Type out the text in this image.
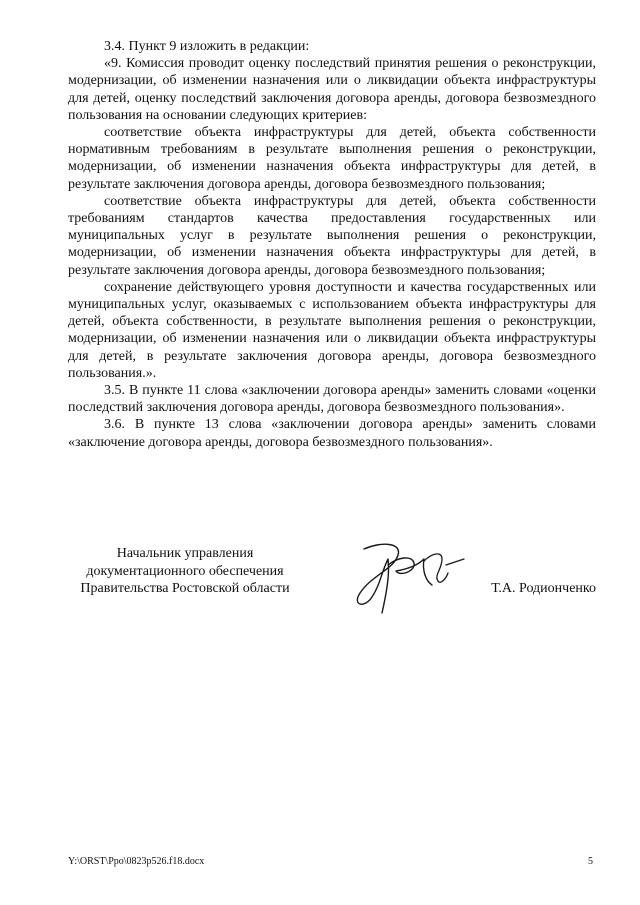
3.4. Пункт 9 изложить в редакции:

«9. Комиссия проводит оценку последствий принятия решения о реконструкции, модернизации, об изменении назначения или о ликвидации объекта инфраструктуры для детей, оценку последствий заключения договора аренды, договора безвозмездного пользования на основании следующих критериев:

соответствие объекта инфраструктуры для детей, объекта собственности нормативным требованиям в результате выполнения решения о реконструкции, модернизации, об изменении назначения объекта инфраструктуры для детей, в результате заключения договора аренды, договора безвозмездного пользования;

соответствие объекта инфраструктуры для детей, объекта собственности требованиям стандартов качества предоставления государственных или муниципальных услуг в результате выполнения решения о реконструкции, модернизации, об изменении назначения объекта инфраструктуры для детей, в результате заключения договора аренды, договора безвозмездного пользования;

сохранение действующего уровня доступности и качества государственных или муниципальных услуг, оказываемых с использованием объекта инфраструктуры для детей, объекта собственности, в результате выполнения решения о реконструкции, модернизации, об изменении назначения или о ликвидации объекта инфраструктуры для детей, в результате заключения договора аренды, договора безвозмездного пользования.».

3.5. В пункте 11 слова «заключении договора аренды» заменить словами «оценки последствий заключения договора аренды, договора безвозмездного пользования».

3.6. В пункте 13 слова «заключении договора аренды» заменить словами «заключение договора аренды, договора безвозмездного пользования».

Начальник управления
документационного обеспечения
Правительства Ростовской области	Т.А. Родионченко
Y:\ORST\Ppo\0823p526.f18.docx	5
